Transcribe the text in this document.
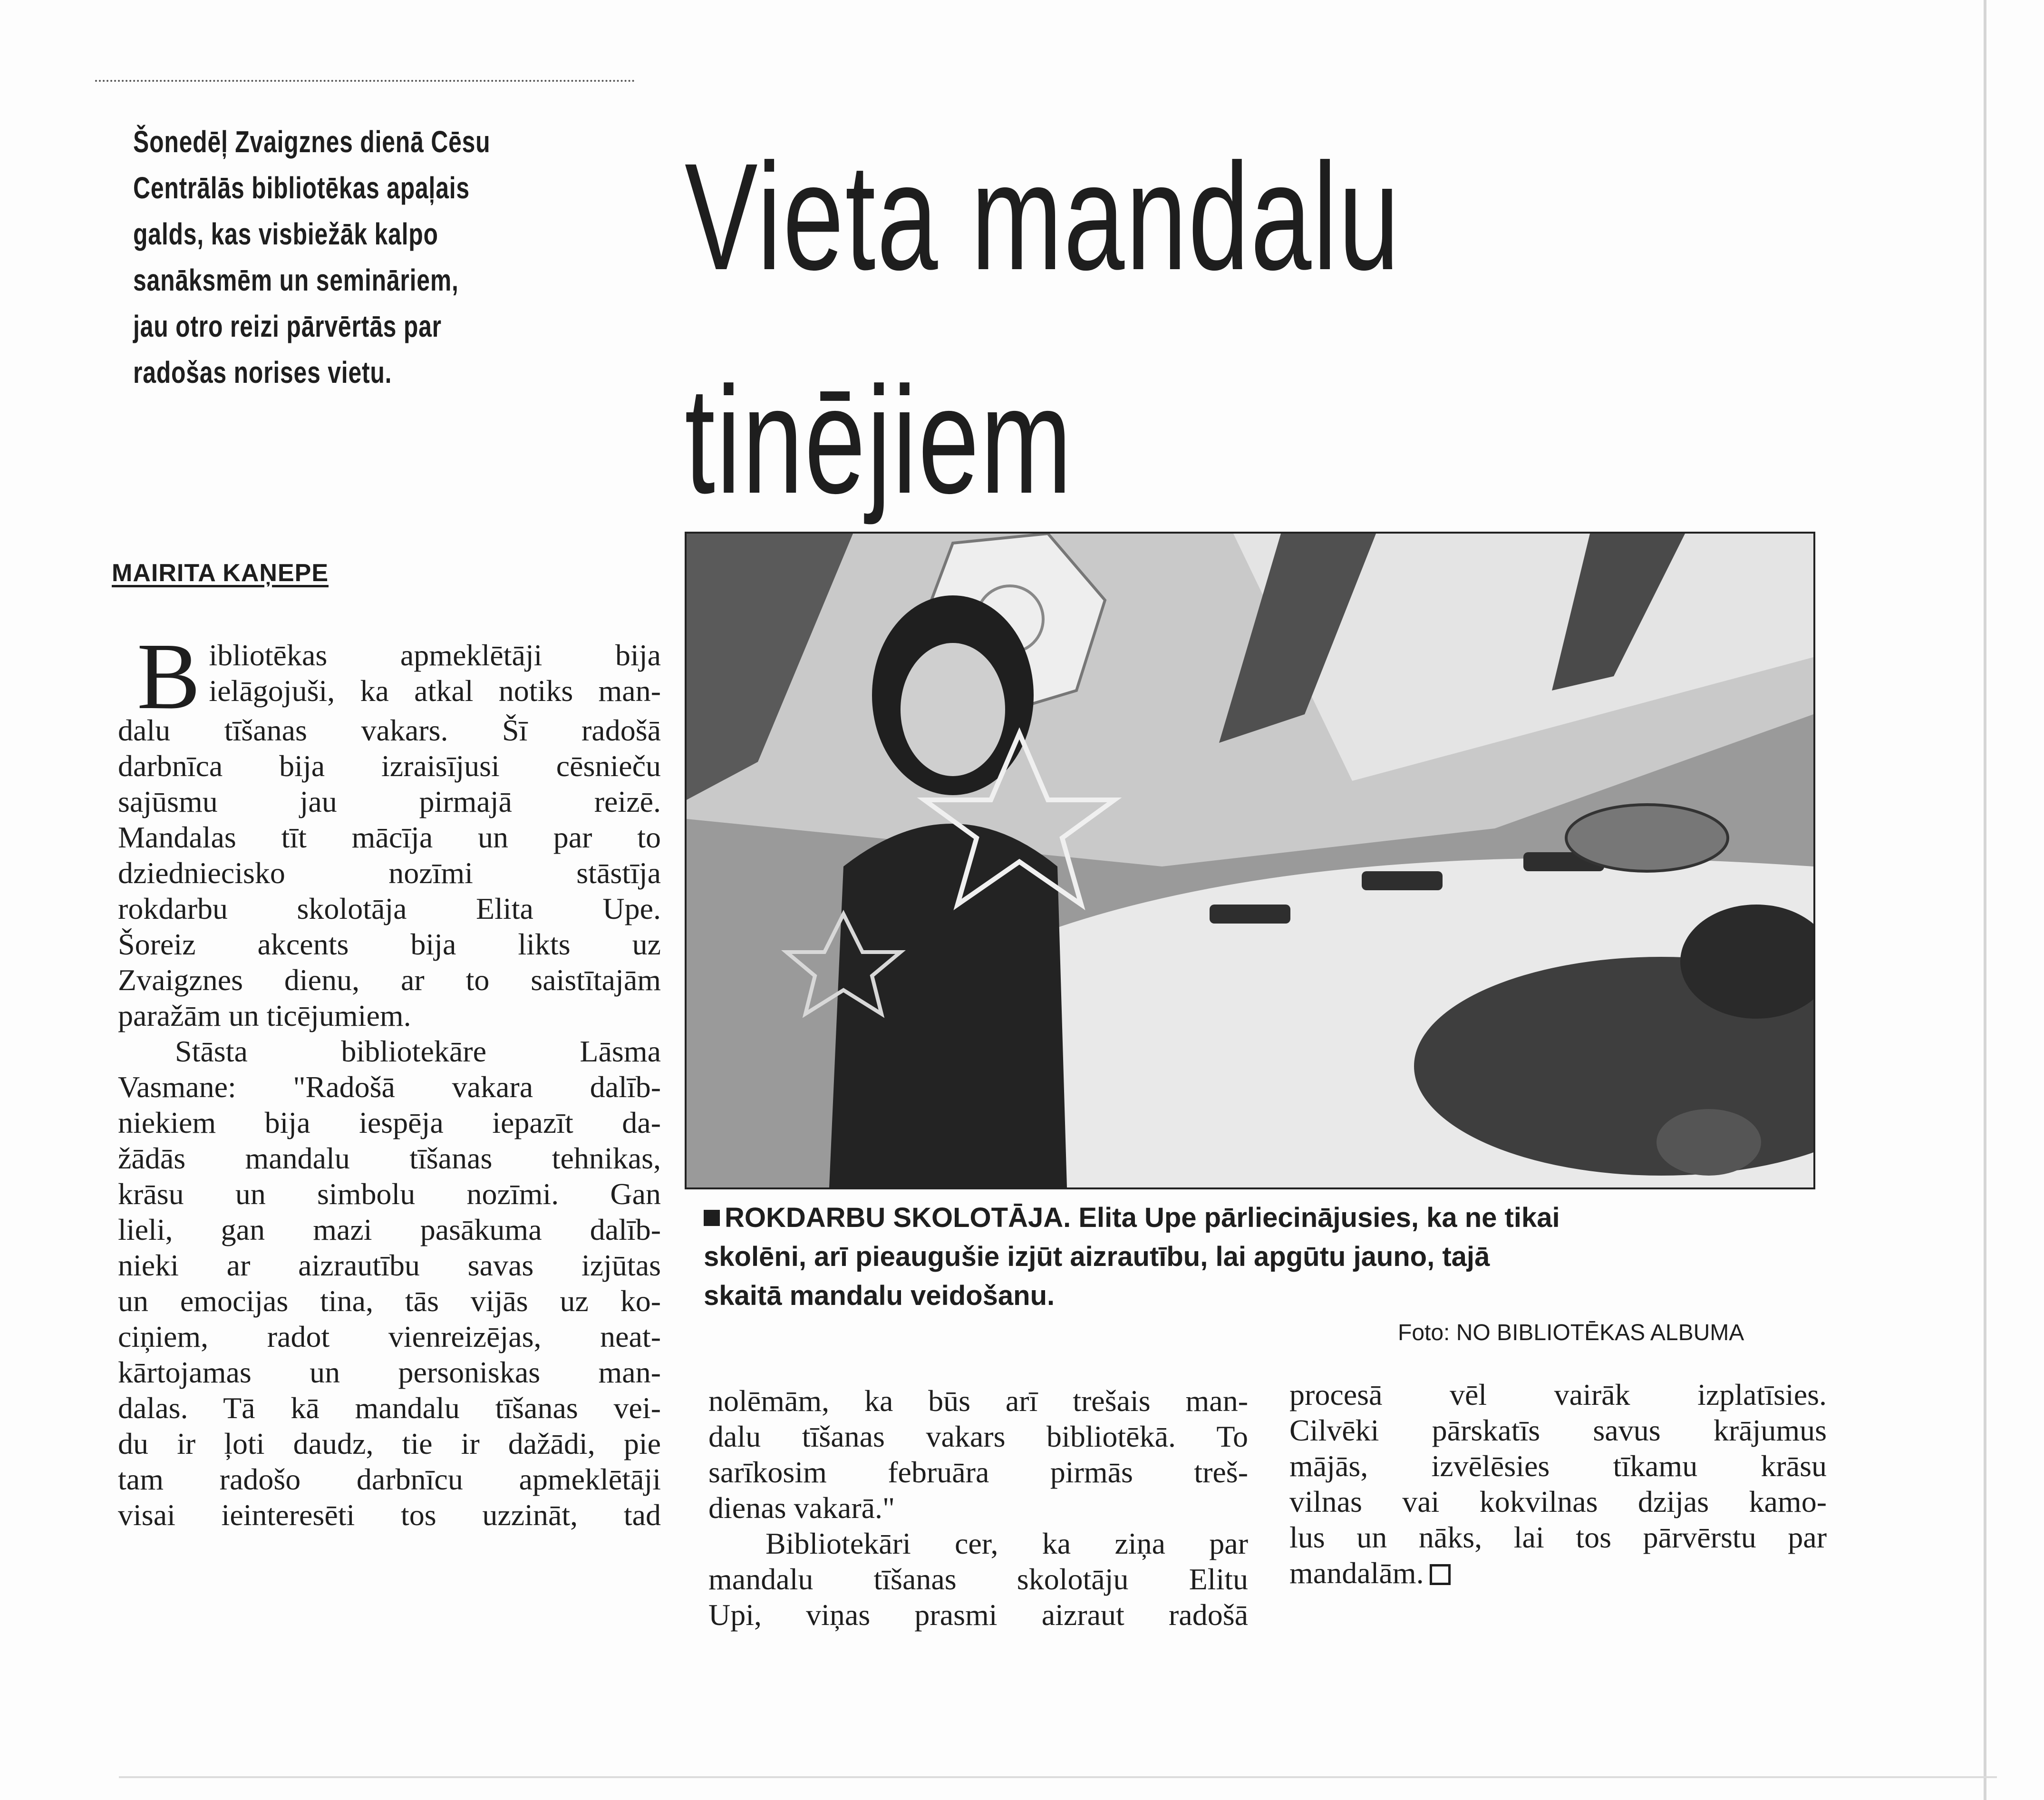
Šonedēļ Zvaigznes dienā Cēsu
Centrālās bibliotēkas apaļais
galds, kas visbiežāk kalpo
sanāksmēm un semināriem,
jau otro reizi pārvērtās par
radošas norises vietu.
Vieta mandalu
tinējiem
MAIRITA KAŅEPE
B ibliotēkas apmeklētāji bija
ielāgojuši, ka atkal notiks man-
dalu tīšanas vakars. Šī radošā
darbnīca bija izraisījusi cēsnieču
sajūsmu jau pirmajā reizē.
Mandalas tīt mācīja un par to
dziedniecisko nozīmi stāstīja
rokdarbu skolotāja Elita Upe.
Šoreiz akcents bija likts uz
Zvaigznes dienu, ar to saistītajām
paražām un ticējumiem.
Stāsta bibliotekāre Lāsma
Vasmane: "Radošā vakara dalīb-
niekiem bija iespēja iepazīt da-
žādās mandalu tīšanas tehnikas,
krāsu un simbolu nozīmi. Gan
lieli, gan mazi pasākuma dalīb-
nieki ar aizrautību savas izjūtas
un emocijas tina, tās vijās uz ko-
ciņiem, radot vienreizējas, neat-
kārtojamas un personiskas man-
dalas. Tā kā mandalu tīšanas vei-
du ir ļoti daudz, tie ir dažādi, pie
tam radošo darbnīcu apmeklētāji
visai ieinteresēti tos uzzināt, tad
ROKDARBU SKOLOTĀJA. Elita Upe pārliecinājusies, ka ne tikai
skolēni, arī pieaugušie izjūt aizrautību, lai apgūtu jauno, tajā
skaitā mandalu veidošanu.
Foto: NO BIBLIOTĒKAS ALBUMA
nolēmām, ka būs arī trešais man-
dalu tīšanas vakars bibliotēkā. To
sarīkosim februāra pirmās treš-
dienas vakarā."
Bibliotekāri cer, ka ziņa par
mandalu tīšanas skolotāju Elitu
Upi, viņas prasmi aizraut radošā
procesā vēl vairāk izplatīsies.
Cilvēki pārskatīs savus krājumus
mājās, izvēlēsies tīkamu krāsu
vilnas vai kokvilnas dzijas kamo-
lus un nāks, lai tos pārvērstu par
mandalām.
